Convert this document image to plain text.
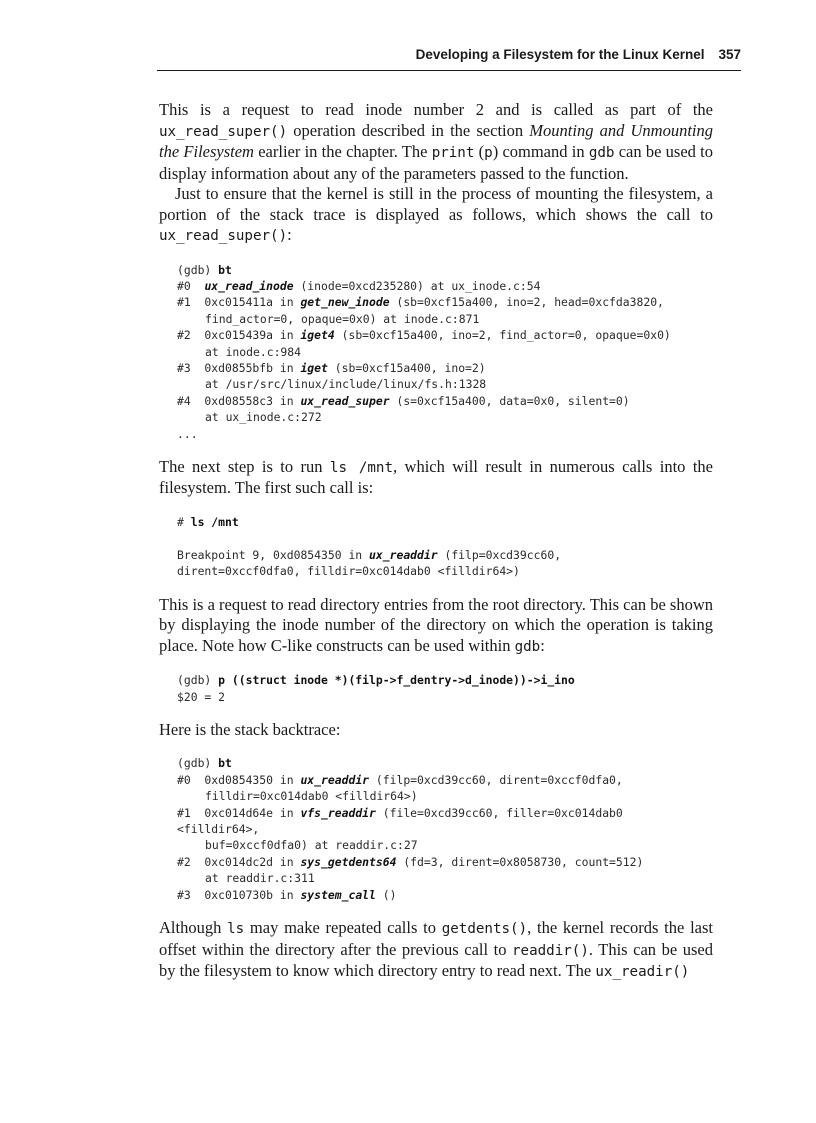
Developing a Filesystem for the Linux Kernel 357

This is a request to read inode number 2 and is called as part of the ux_read_super() operation described in the section Mounting and Unmounting the Filesystem earlier in the chapter. The print (p) command in gdb can be used to display information about any of the parameters passed to the function.

Just to ensure that the kernel is still in the process of mounting the filesystem, a portion of the stack trace is displayed as follows, which shows the call to ux_read_super():

(gdb) bt
#0  ux_read_inode (inode=0xcd235280) at ux_inode.c:54
#1  0xc015411a in get_new_inode (sb=0xcf15a400, ino=2, head=0xcfda3820,
find_actor=0, opaque=0x0) at inode.c:871
#2  0xc015439a in iget4 (sb=0xcf15a400, ino=2, find_actor=0, opaque=0x0)
at inode.c:984
#3  0xd0855bfb in iget (sb=0xcf15a400, ino=2)
at /usr/src/linux/include/linux/fs.h:1328
#4  0xd08558c3 in ux_read_super (s=0xcf15a400, data=0x0, silent=0)
at ux_inode.c:272
...

The next step is to run ls /mnt, which will result in numerous calls into the filesystem. The first such call is:

# ls /mnt

Breakpoint 9, 0xd0854350 in ux_readdir (filp=0xcd39cc60,
dirent=0xccf0dfa0, filldir=0xc014dab0 <filldir64>)

This is a request to read directory entries from the root directory. This can be shown by displaying the inode number of the directory on which the operation is taking place. Note how C-like constructs can be used within gdb:

(gdb) p ((struct inode *)(filp->f_dentry->d_inode))->i_ino
$20 = 2

Here is the stack backtrace:

(gdb) bt
#0  0xd0854350 in ux_readdir (filp=0xcd39cc60, dirent=0xccf0dfa0,
filldir=0xc014dab0 <filldir64>)
#1  0xc014d64e in vfs_readdir (file=0xcd39cc60, filler=0xc014dab0
<filldir64>,
buf=0xccf0dfa0) at readdir.c:27
#2  0xc014dc2d in sys_getdents64 (fd=3, dirent=0x8058730, count=512)
at readdir.c:311
#3  0xc010730b in system_call ()

Although ls may make repeated calls to getdents(), the kernel records the last offset within the directory after the previous call to readdir(). This can be used by the filesystem to know which directory entry to read next. The ux_readir()
